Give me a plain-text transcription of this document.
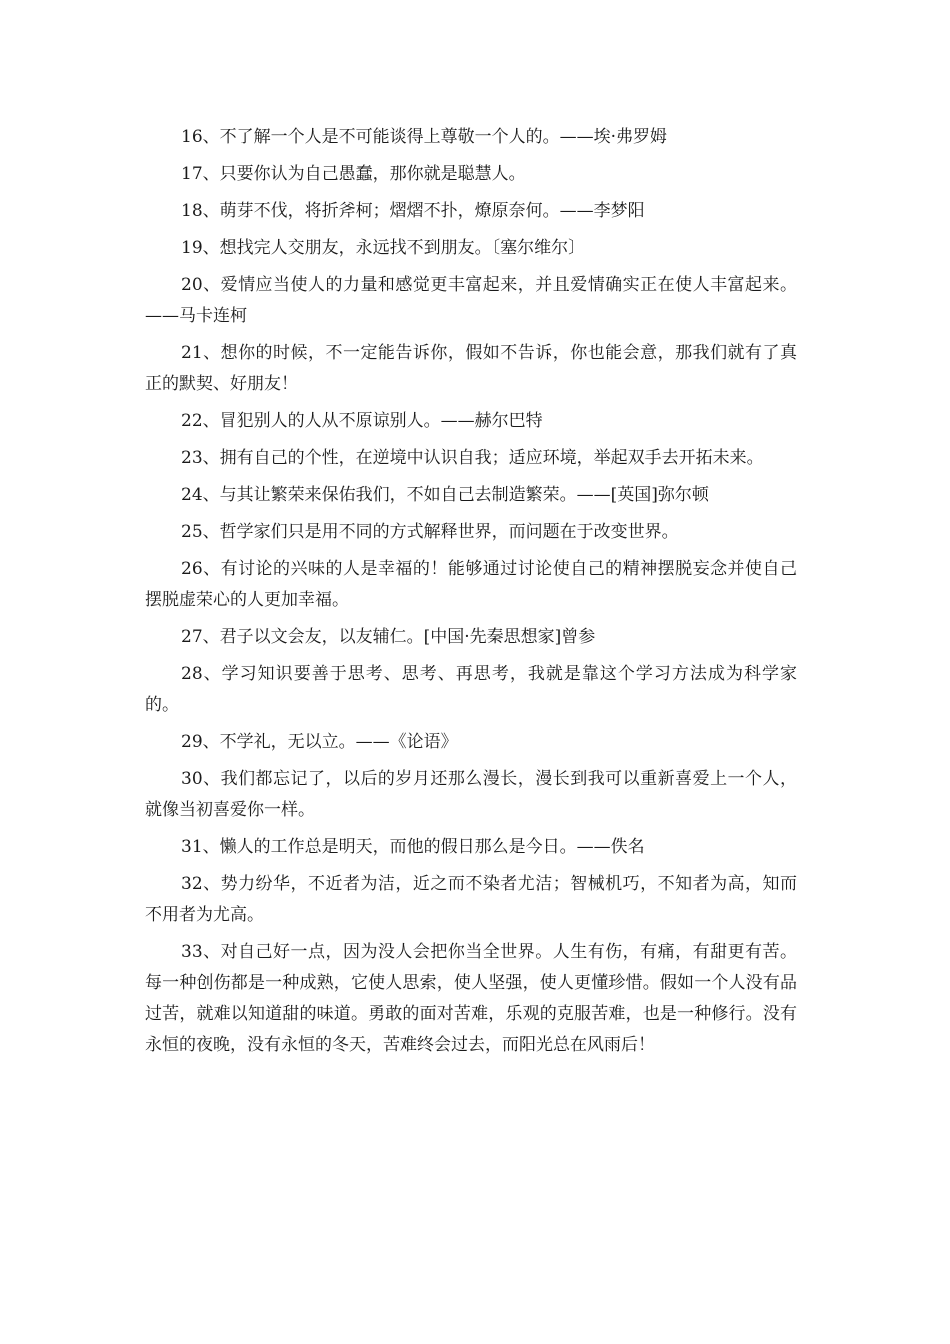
16、不了解一个人是不可能谈得上尊敬一个人的。——埃·弗罗姆

17、只要你认为自己愚蠢，那你就是聪慧人。

18、萌芽不伐，将折斧柯；熠熠不扑，燎原奈何。——李梦阳

19、想找完人交朋友，永远找不到朋友。〔塞尔维尔〕

20、爱情应当使人的力量和感觉更丰富起来，并且爱情确实正在使人丰富起来。——马卡连柯

21、想你的时候，不一定能告诉你，假如不告诉，你也能会意，那我们就有了真正的默契、好朋友！

22、冒犯别人的人从不原谅别人。——赫尔巴特

23、拥有自己的个性，在逆境中认识自我；适应环境，举起双手去开拓未来。

24、与其让繁荣来保佑我们，不如自己去制造繁荣。——[英国]弥尔顿

25、哲学家们只是用不同的方式解释世界，而问题在于改变世界。

26、有讨论的兴味的人是幸福的！能够通过讨论使自己的精神摆脱妄念并使自己摆脱虚荣心的人更加幸福。

27、君子以文会友，以友辅仁。[中国·先秦思想家]曾参

28、学习知识要善于思考、思考、再思考，我就是靠这个学习方法成为科学家的。

29、不学礼，无以立。——《论语》

30、我们都忘记了，以后的岁月还那么漫长，漫长到我可以重新喜爱上一个人，就像当初喜爱你一样。

31、懒人的工作总是明天，而他的假日那么是今日。——佚名

32、势力纷华，不近者为洁，近之而不染者尤洁；智械机巧，不知者为高，知而不用者为尤高。

33、对自己好一点，因为没人会把你当全世界。人生有伤，有痛，有甜更有苦。每一种创伤都是一种成熟，它使人思索，使人坚强，使人更懂珍惜。假如一个人没有品过苦，就难以知道甜的味道。勇敢的面对苦难，乐观的克服苦难，也是一种修行。没有永恒的夜晚，没有永恒的冬天，苦难终会过去，而阳光总在风雨后！
